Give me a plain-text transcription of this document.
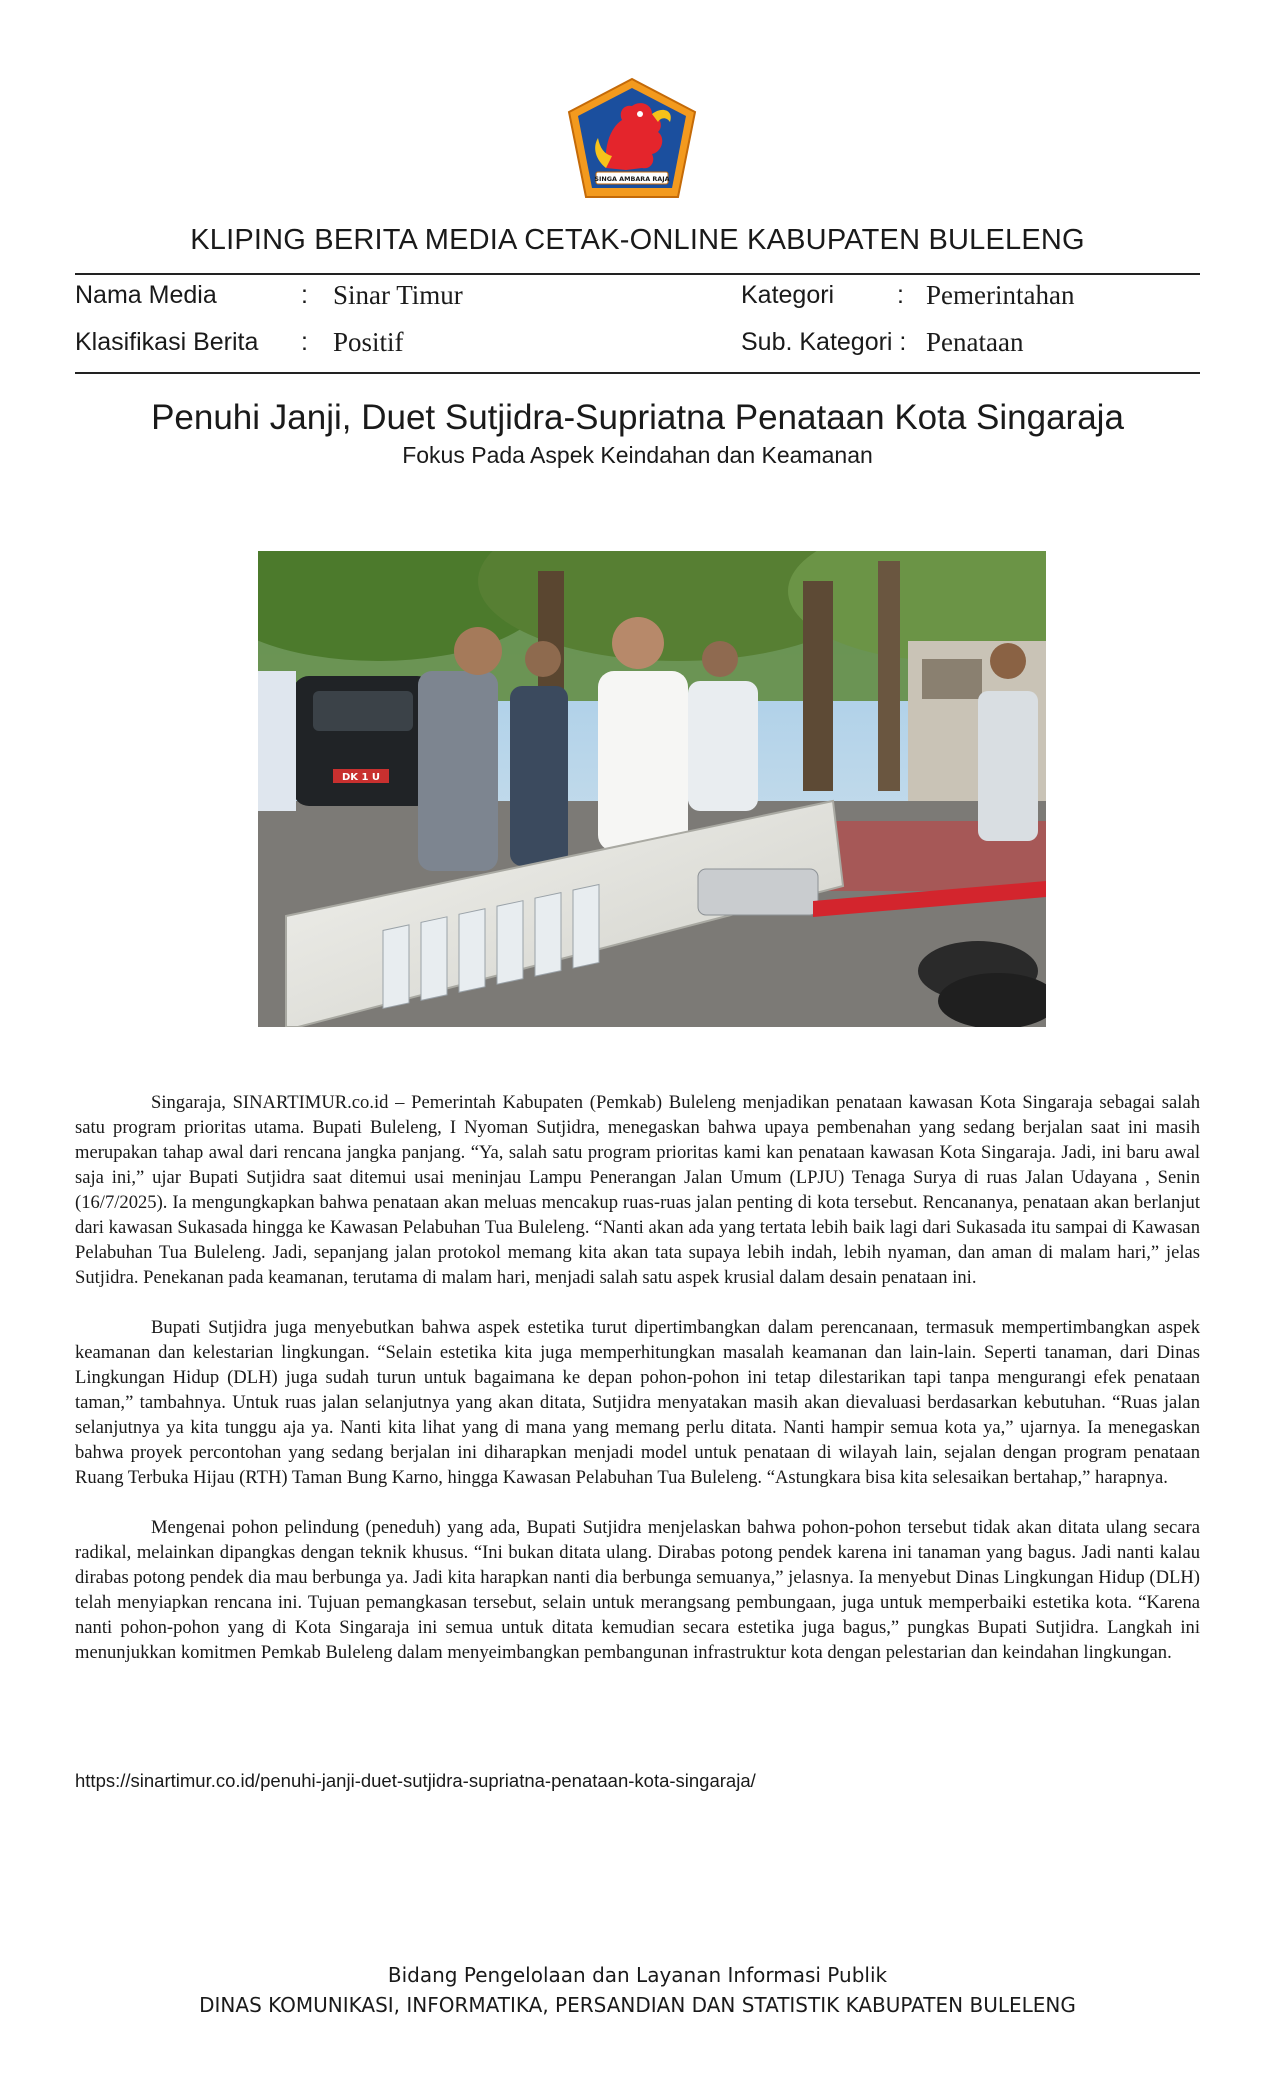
SINGA AMBARA RAJA
KLIPING BERITA MEDIA CETAK-ONLINE KABUPATEN BULELENG
Nama Media	: Sinar Timur
Klasifikasi Berita : Positif
Kategori	: Pemerintahan
Sub. Kategori : Penataan
Penuhi Janji, Duet Sutjidra-Supriatna Penataan Kota Singaraja
Fokus Pada Aspek Keindahan dan Keamanan
DK 1 U

Singaraja, SINARTIMUR.co.id – Pemerintah Kabupaten (Pemkab) Buleleng menjadikan penataan kawasan Kota Singaraja sebagai salah satu program prioritas utama. Bupati Buleleng, I Nyoman Sutjidra, menegaskan bahwa upaya pembenahan yang sedang berjalan saat ini masih merupakan tahap awal dari rencana jangka panjang. “Ya, salah satu program prioritas kami kan penataan kawasan Kota Singaraja. Jadi, ini baru awal saja ini,” ujar Bupati Sutjidra saat ditemui usai meninjau Lampu Penerangan Jalan Umum (LPJU) Tenaga Surya di ruas Jalan Udayana , Senin (16/7/2025). Ia mengungkapkan bahwa penataan akan meluas mencakup ruas-ruas jalan penting di kota tersebut. Rencananya, penataan akan berlanjut dari kawasan Sukasada hingga ke Kawasan Pelabuhan Tua Buleleng. “Nanti akan ada yang tertata lebih baik lagi dari Sukasada itu sampai di Kawasan Pelabuhan Tua Buleleng. Jadi, sepanjang jalan protokol memang kita akan tata supaya lebih indah, lebih nyaman, dan aman di malam hari,” jelas Sutjidra. Penekanan pada keamanan, terutama di malam hari, menjadi salah satu aspek krusial dalam desain penataan ini.

Bupati Sutjidra juga menyebutkan bahwa aspek estetika turut dipertimbangkan dalam perencanaan, termasuk mempertimbangkan aspek keamanan dan kelestarian lingkungan. “Selain estetika kita juga memperhitungkan masalah keamanan dan lain-lain. Seperti tanaman, dari Dinas Lingkungan Hidup (DLH) juga sudah turun untuk bagaimana ke depan pohon-pohon ini tetap dilestarikan tapi tanpa mengurangi efek penataan taman,” tambahnya. Untuk ruas jalan selanjutnya yang akan ditata, Sutjidra menyatakan masih akan dievaluasi berdasarkan kebutuhan. “Ruas jalan selanjutnya ya kita tunggu aja ya. Nanti kita lihat yang di mana yang memang perlu ditata. Nanti hampir semua kota ya,” ujarnya. Ia menegaskan bahwa proyek percontohan yang sedang berjalan ini diharapkan menjadi model untuk penataan di wilayah lain, sejalan dengan program penataan Ruang Terbuka Hijau (RTH) Taman Bung Karno, hingga Kawasan Pelabuhan Tua Buleleng. “Astungkara bisa kita selesaikan bertahap,” harapnya.

Mengenai pohon pelindung (peneduh) yang ada, Bupati Sutjidra menjelaskan bahwa pohon-pohon tersebut tidak akan ditata ulang secara radikal, melainkan dipangkas dengan teknik khusus. “Ini bukan ditata ulang. Dirabas potong pendek karena ini tanaman yang bagus. Jadi nanti kalau dirabas potong pendek dia mau berbunga ya. Jadi kita harapkan nanti dia berbunga semuanya,” jelasnya. Ia menyebut Dinas Lingkungan Hidup (DLH) telah menyiapkan rencana ini. Tujuan pemangkasan tersebut, selain untuk merangsang pembungaan, juga untuk memperbaiki estetika kota. “Karena nanti pohon-pohon yang di Kota Singaraja ini semua untuk ditata kemudian secara estetika juga bagus,” pungkas Bupati Sutjidra. Langkah ini menunjukkan komitmen Pemkab Buleleng dalam menyeimbangkan pembangunan infrastruktur kota dengan pelestarian dan keindahan lingkungan.

https://sinartimur.co.id/penuhi-janji-duet-sutjidra-supriatna-penataan-kota-singaraja/
Bidang Pengelolaan dan Layanan Informasi Publik
DINAS KOMUNIKASI, INFORMATIKA, PERSANDIAN DAN STATISTIK KABUPATEN BULELENG
